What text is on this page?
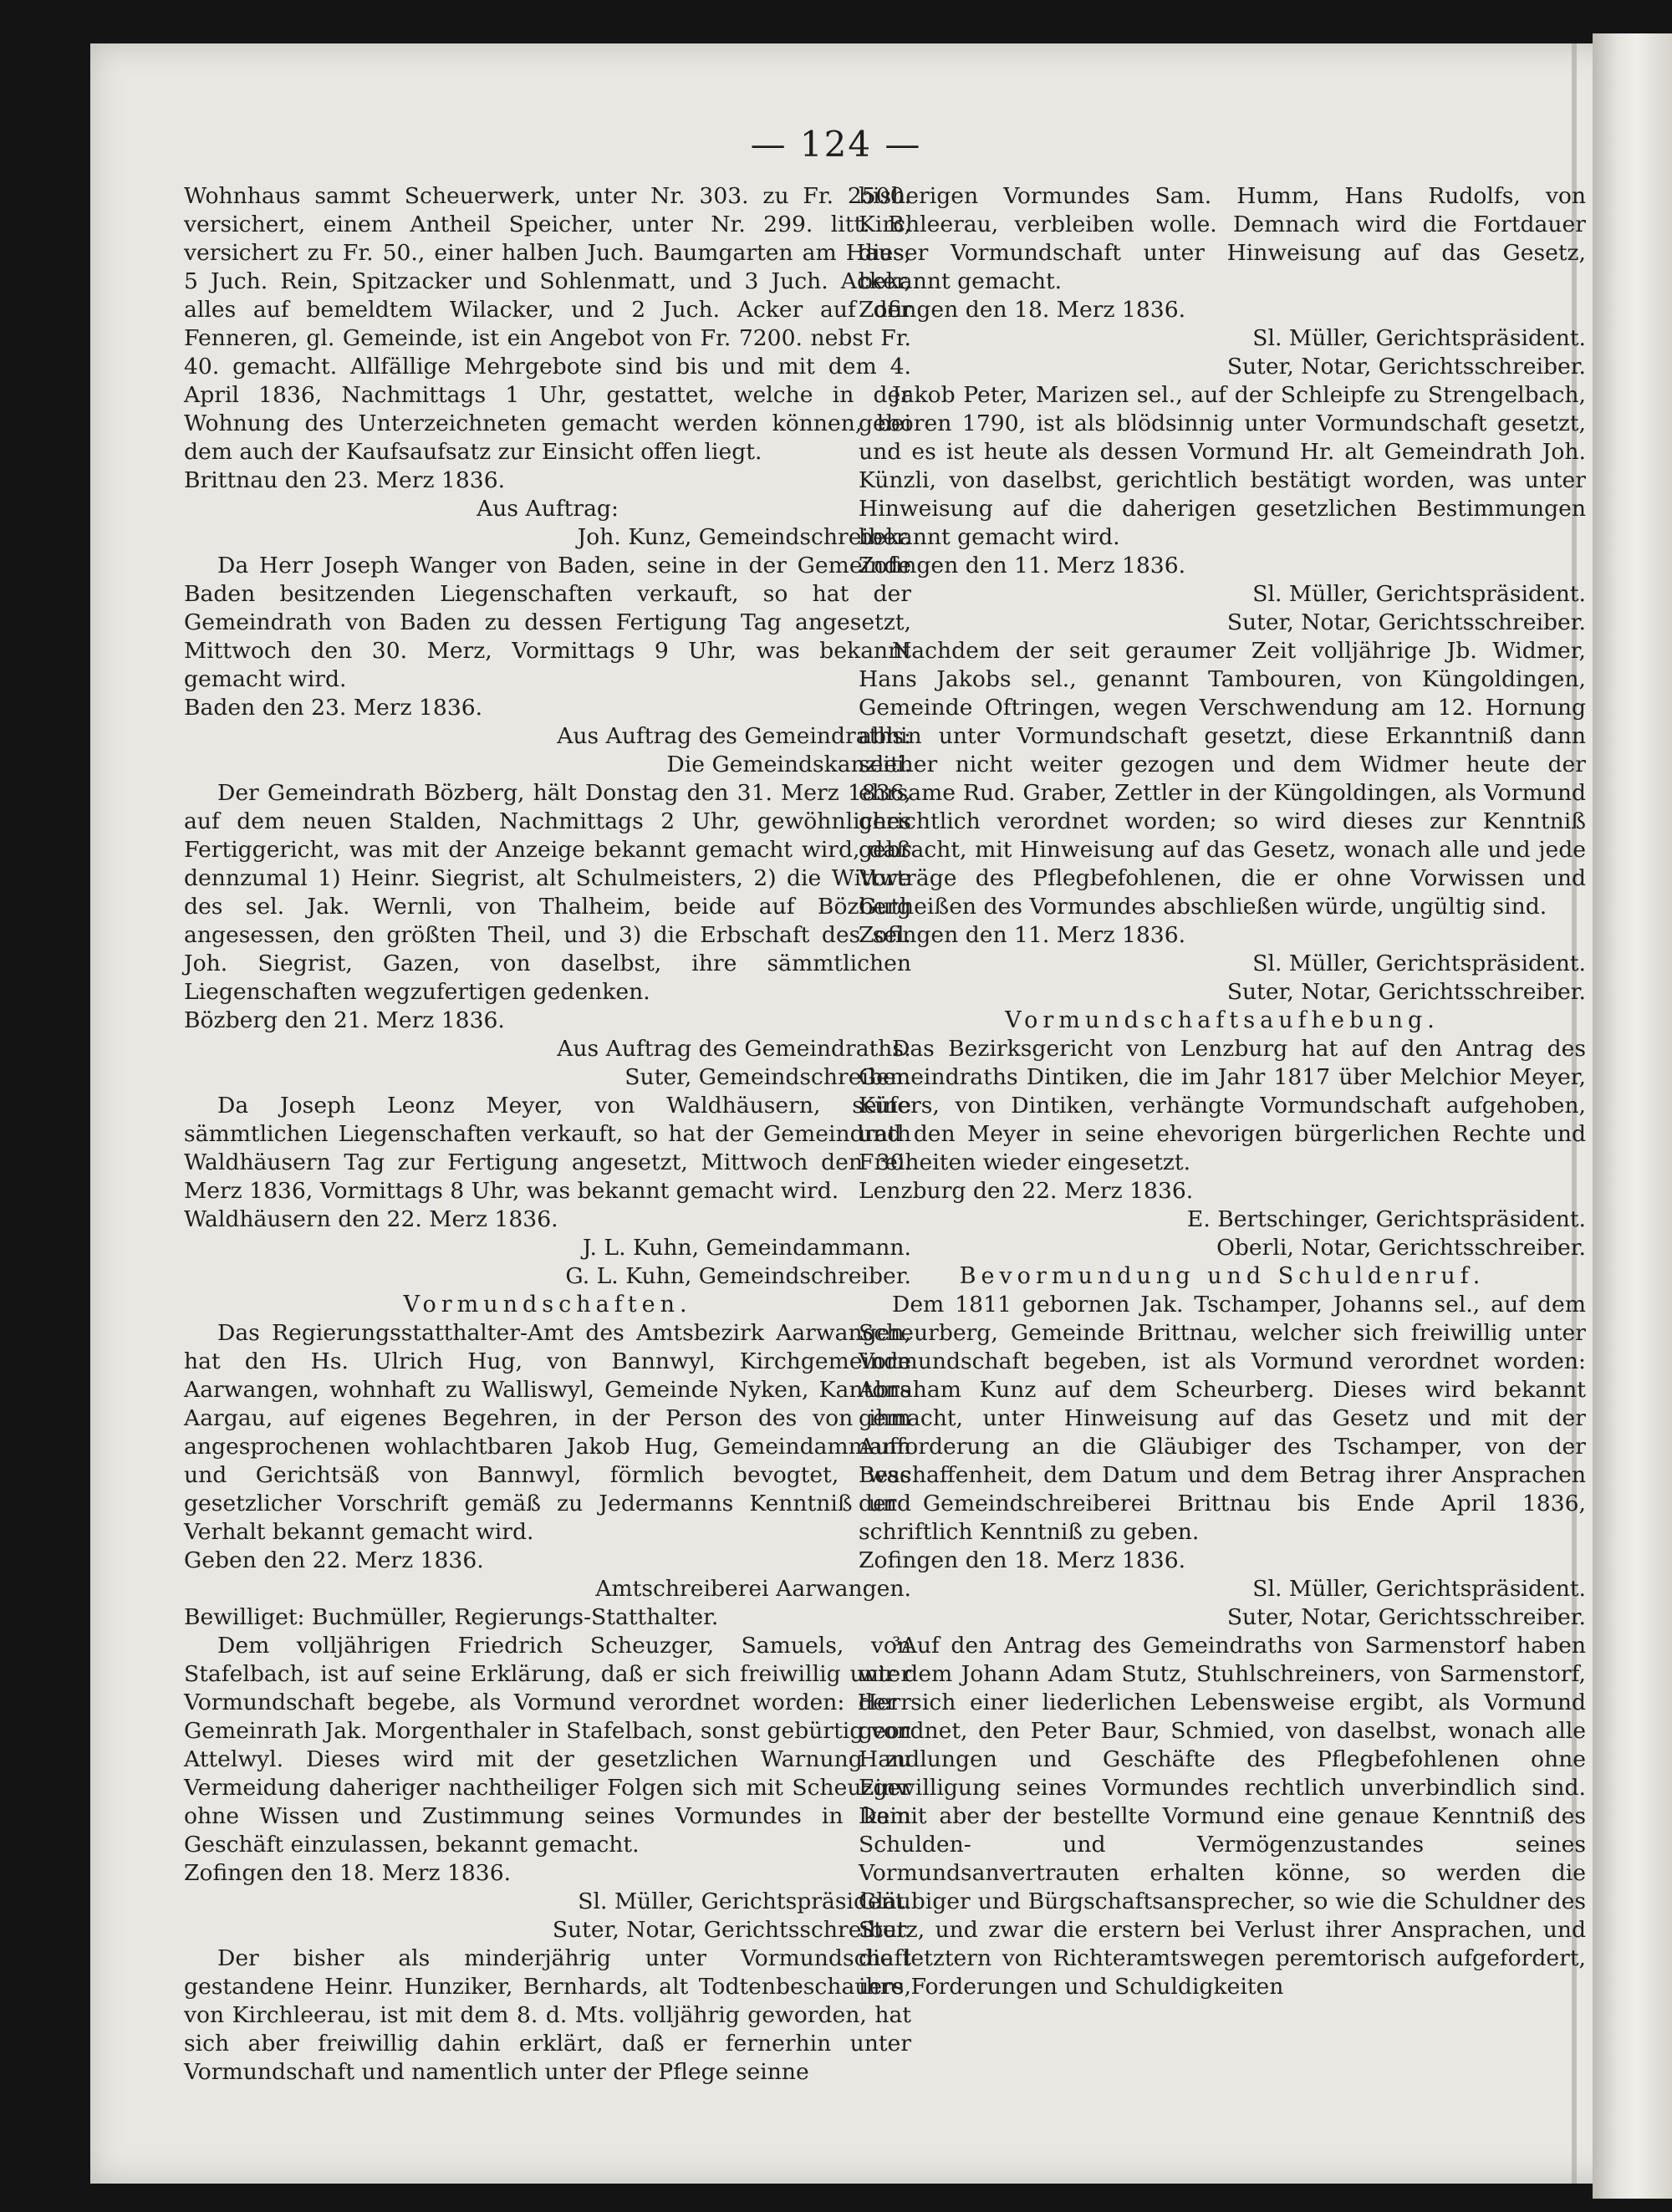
— 124 —

Wohnhaus sammt Scheuerwerk, unter Nr. 303. zu Fr. 2500. versichert, einem Antheil Speicher, unter Nr. 299. litt. B, versichert zu Fr. 50., einer halben Juch. Baumgarten am Haus, 5 Juch. Rein, Spitzacker und Sohlenmatt, und 3 Juch. Acker, alles auf bemeldtem Wilacker, und 2 Juch. Acker auf der Fenneren, gl. Gemeinde, ist ein Angebot von Fr. 7200. nebst Fr. 40. gemacht. Allfällige Mehrgebote sind bis und mit dem 4. April 1836, Nachmittags 1 Uhr, gestattet, welche in der Wohnung des Unterzeichneten gemacht werden können, bei dem auch der Kaufsaufsatz zur Einsicht offen liegt.

Brittnau den 23. Merz 1836.

Aus Auftrag:

Joh. Kunz, Gemeindschreiber.

Da Herr Joseph Wanger von Baden, seine in der Gemeinde Baden besitzenden Liegenschaften verkauft, so hat der Gemeindrath von Baden zu dessen Fertigung Tag angesetzt, Mittwoch den 30. Merz, Vormittags 9 Uhr, was bekannt gemacht wird.

Baden den 23. Merz 1836.

Aus Auftrag des Gemeindraths:

Die Gemeindskanzlei.

Der Gemeindrath Bözberg, hält Donstag den 31. Merz 1836, auf dem neuen Stalden, Nachmittags 2 Uhr, gewöhnliches Fertiggericht, was mit der Anzeige bekannt gemacht wird, daß dennzumal 1) Heinr. Siegrist, alt Schulmeisters, 2) die Wittwe des sel. Jak. Wernli, von Thalheim, beide auf Bözberg angesessen, den größten Theil, und 3) die Erbschaft des sel. Joh. Siegrist, Gazen, von daselbst, ihre sämmtlichen Liegenschaften wegzufertigen gedenken.

Bözberg den 21. Merz 1836.

Aus Auftrag des Gemeindraths:

Suter, Gemeindschreiber.

Da Joseph Leonz Meyer, von Waldhäusern, seine sämmtlichen Liegenschaften verkauft, so hat der Gemeindrath Waldhäusern Tag zur Fertigung angesetzt, Mittwoch den 30. Merz 1836, Vormittags 8 Uhr, was bekannt gemacht wird.

Waldhäusern den 22. Merz 1836.

J. L. Kuhn, Gemeindammann.

G. L. Kuhn, Gemeindschreiber.

Vormundschaften.

Das Regierungsstatthalter-Amt des Amtsbezirk Aarwangen, hat den Hs. Ulrich Hug, von Bannwyl, Kirchgemeinde Aarwangen, wohnhaft zu Walliswyl, Gemeinde Nyken, Kantons Aargau, auf eigenes Begehren, in der Person des von ihm angesprochenen wohlachtbaren Jakob Hug, Gemeindammann und Gerichtsäß von Bannwyl, förmlich bevogtet, was gesetzlicher Vorschrift gemäß zu Jedermanns Kenntniß und Verhalt bekannt gemacht wird.

Geben den 22. Merz 1836.

Amtschreiberei Aarwangen.

Bewilliget: Buchmüller, Regierungs-Statthalter.

Dem volljährigen Friedrich Scheuzger, Samuels, von Stafelbach, ist auf seine Erklärung, daß er sich freiwillig unter Vormundschaft begebe, als Vormund verordnet worden: Herr Gemeinrath Jak. Morgenthaler in Stafelbach, sonst gebürtig von Attelwyl. Dieses wird mit der gesetzlichen Warnung zu Vermeidung daheriger nachtheiliger Folgen sich mit Scheuzger ohne Wissen und Zustimmung seines Vormundes in kein Geschäft einzulassen, bekannt gemacht.

Zofingen den 18. Merz 1836.

Sl. Müller, Gerichtspräsident.

Suter, Notar, Gerichtsschreiber.

Der bisher als minderjährig unter Vormundschaft gestandene Heinr. Hunziker, Bernhards, alt Todtenbeschauers, von Kirchleerau, ist mit dem 8. d. Mts. volljährig geworden, hat sich aber freiwillig dahin erklärt, daß er fernerhin unter Vormundschaft und namentlich unter der Pflege seinne

bisherigen Vormundes Sam. Humm, Hans Rudolfs, von Kirchleerau, verbleiben wolle. Demnach wird die Fortdauer dieser Vormundschaft unter Hinweisung auf das Gesetz, bekannt gemacht.

Zofingen den 18. Merz 1836.

Sl. Müller, Gerichtspräsident.

Suter, Notar, Gerichtsschreiber.

Jakob Peter, Marizen sel., auf der Schleipfe zu Strengelbach, geboren 1790, ist als blödsinnig unter Vormundschaft gesetzt, und es ist heute als dessen Vormund Hr. alt Gemeindrath Joh. Künzli, von daselbst, gerichtlich bestätigt worden, was unter Hinweisung auf die daherigen gesetzlichen Bestimmungen bekannt gemacht wird.

Zofingen den 11. Merz 1836.

Sl. Müller, Gerichtspräsident.

Suter, Notar, Gerichtsschreiber.

Nachdem der seit geraumer Zeit volljährige Jb. Widmer, Hans Jakobs sel., genannt Tambouren, von Küngoldingen, Gemeinde Oftringen, wegen Verschwendung am 12. Hornung abhin unter Vormundschaft gesetzt, diese Erkanntniß dann seither nicht weiter gezogen und dem Widmer heute der ehrsame Rud. Graber, Zettler in der Küngoldingen, als Vormund gerichtlich verordnet worden; so wird dieses zur Kenntniß gebracht, mit Hinweisung auf das Gesetz, wonach alle und jede Vorträge des Pflegbefohlenen, die er ohne Vorwissen und Gutheißen des Vormundes abschließen würde, ungültig sind.

Zofingen den 11. Merz 1836.

Sl. Müller, Gerichtspräsident.

Suter, Notar, Gerichtsschreiber.

Vormundschaftsaufhebung.

Das Bezirksgericht von Lenzburg hat auf den Antrag des Gemeindraths Dintiken, die im Jahr 1817 über Melchior Meyer, Küfers, von Dintiken, verhängte Vormundschaft aufgehoben, und den Meyer in seine ehevorigen bürgerlichen Rechte und Freiheiten wieder eingesetzt.

Lenzburg den 22. Merz 1836.

E. Bertschinger, Gerichtspräsident.

Oberli, Notar, Gerichtsschreiber.

Bevormundung und Schuldenruf.

Dem 1811 gebornen Jak. Tschamper, Johanns sel., auf dem Scheurberg, Gemeinde Brittnau, welcher sich freiwillig unter Vormundschaft begeben, ist als Vormund verordnet worden: Abraham Kunz auf dem Scheurberg. Dieses wird bekannt gemacht, unter Hinweisung auf das Gesetz und mit der Aufforderung an die Gläubiger des Tschamper, von der Beschaffenheit, dem Datum und dem Betrag ihrer Ansprachen der Gemeindschreiberei Brittnau bis Ende April 1836, schriftlich Kenntniß zu geben.

Zofingen den 18. Merz 1836.

Sl. Müller, Gerichtspräsident.

Suter, Notar, Gerichtsschreiber.

³Auf den Antrag des Gemeindraths von Sarmenstorf haben wir dem Johann Adam Stutz, Stuhlschreiners, von Sarmenstorf, der sich einer liederlichen Lebensweise ergibt, als Vormund geordnet, den Peter Baur, Schmied, von daselbst, wonach alle Handlungen und Geschäfte des Pflegbefohlenen ohne Einwilligung seines Vormundes rechtlich unverbindlich sind. Damit aber der bestellte Vormund eine genaue Kenntniß des Schulden- und Vermögenzustandes seines Vormundsanvertrauten erhalten könne, so werden die Gläubiger und Bürgschaftsansprecher, so wie die Schuldner des Stutz, und zwar die erstern bei Verlust ihrer Ansprachen, und die letztern von Richteramtswegen peremtorisch aufgefordert, ihre Forderungen und Schuldigkeiten
